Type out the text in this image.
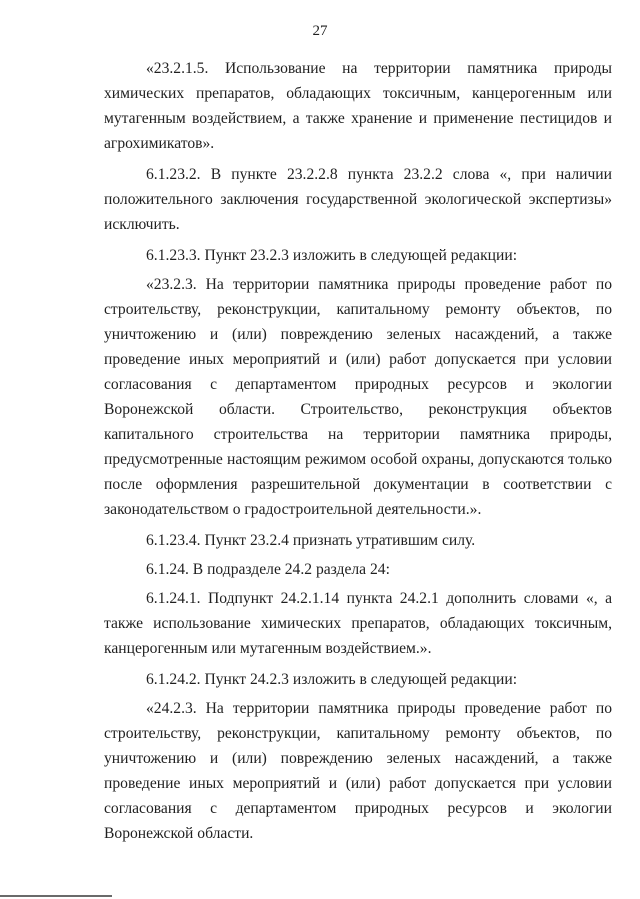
27

«23.2.1.5. Использование на территории памятника природы химических препаратов, обладающих токсичным, канцерогенным или мутагенным воздействием, а также хранение и применение пестицидов и агрохимикатов».

6.1.23.2. В пункте 23.2.2.8 пункта 23.2.2 слова «, при наличии положительного заключения государственной экологической экспертизы» исключить.

6.1.23.3. Пункт 23.2.3 изложить в следующей редакции:

«23.2.3. На территории памятника природы проведение работ по строительству, реконструкции, капитальному ремонту объектов, по уничтожению и (или) повреждению зеленых насаждений, а также проведение иных мероприятий и (или) работ допускается при условии согласования с департаментом природных ресурсов и экологии Воронежской области. Строительство, реконструкция объектов капитального строительства на территории памятника природы, предусмотренные настоящим режимом особой охраны, допускаются только после оформления разрешительной документации в соответствии с законодательством о градостроительной деятельности.».

6.1.23.4. Пункт 23.2.4 признать утратившим силу.

6.1.24. В подразделе 24.2 раздела 24:

6.1.24.1. Подпункт 24.2.1.14 пункта 24.2.1 дополнить словами «, а также использование химических препаратов, обладающих токсичным, канцерогенным или мутагенным воздействием.».

6.1.24.2. Пункт 24.2.3 изложить в следующей редакции:

«24.2.3. На территории памятника природы проведение работ по строительству, реконструкции, капитальному ремонту объектов, по уничтожению и (или) повреждению зеленых насаждений, а также проведение иных мероприятий и (или) работ допускается при условии согласования с департаментом природных ресурсов и экологии Воронежской области.
